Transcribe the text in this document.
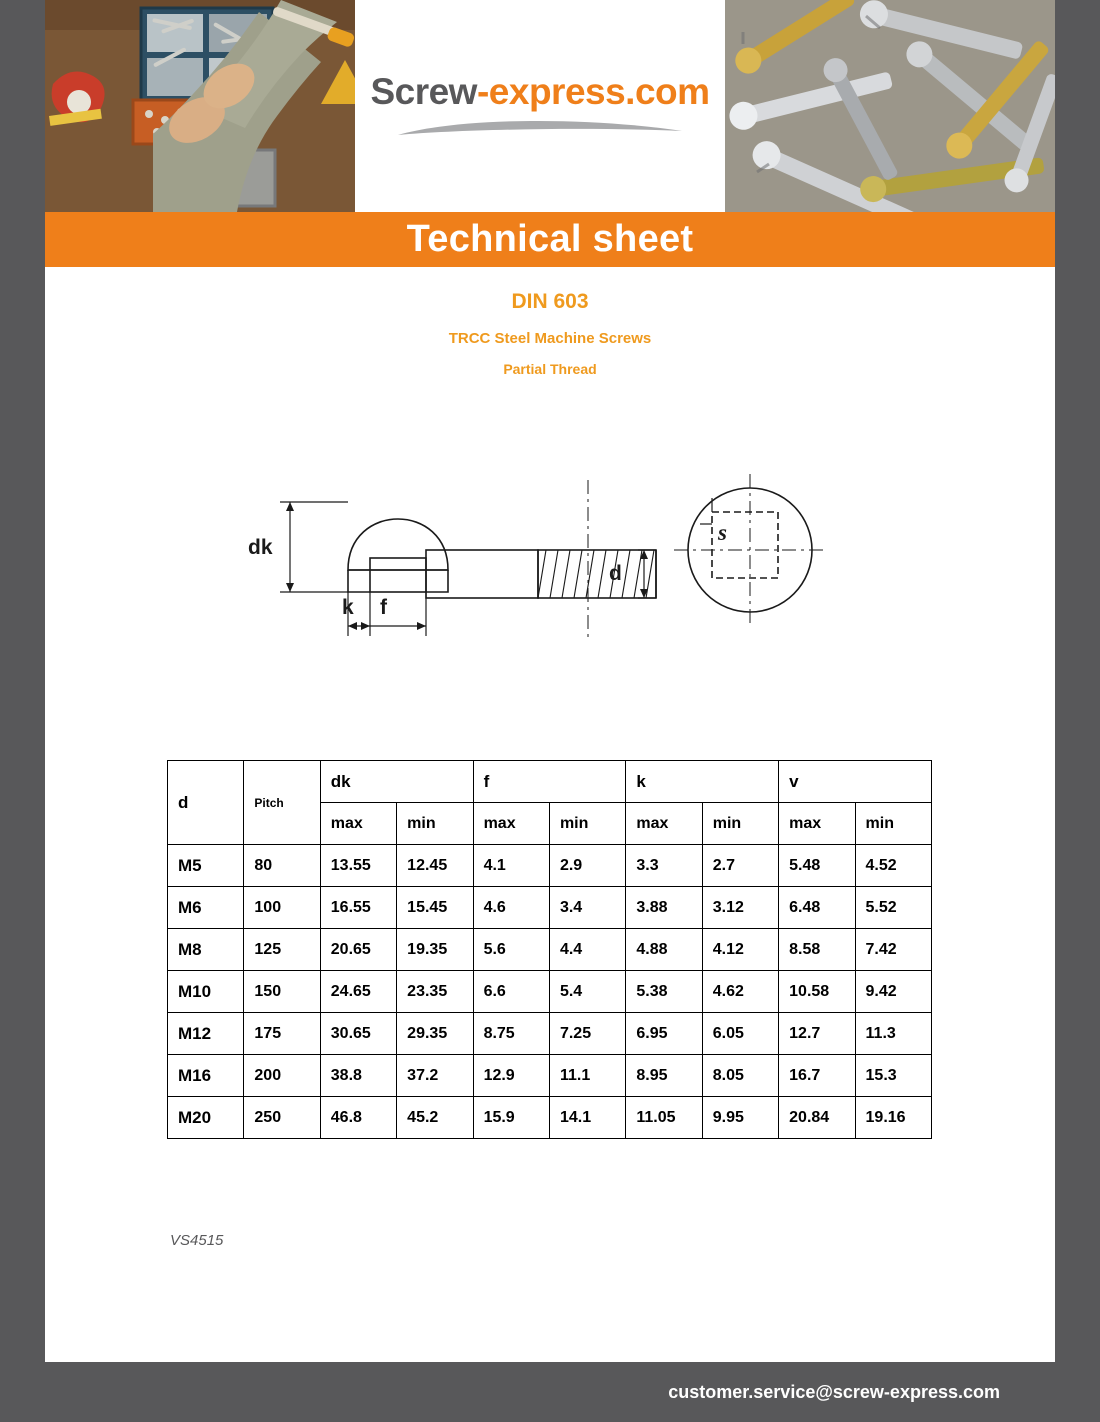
Screw-express.com
Technical sheet
DIN 603
TRCC Steel Machine Screws
Partial Thread
dk
d
k f
s
d	Pitch	dk		f		k		v	
		max	min	max	min	max	min	max	min
M5	80	13.55	12.45	4.1	2.9	3.3	2.7	5.48	4.52
M6	100	16.55	15.45	4.6	3.4	3.88	3.12	6.48	5.52
M8	125	20.65	19.35	5.6	4.4	4.88	4.12	8.58	7.42
M10	150	24.65	23.35	6.6	5.4	5.38	4.62	10.58	9.42
M12	175	30.65	29.35	8.75	7.25	6.95	6.05	12.7	11.3
M16	200	38.8	37.2	12.9	11.1	8.95	8.05	16.7	15.3
M20	250	46.8	45.2	15.9	14.1	11.05	9.95	20.84	19.16
VS4515
customer.service@screw-express.com
